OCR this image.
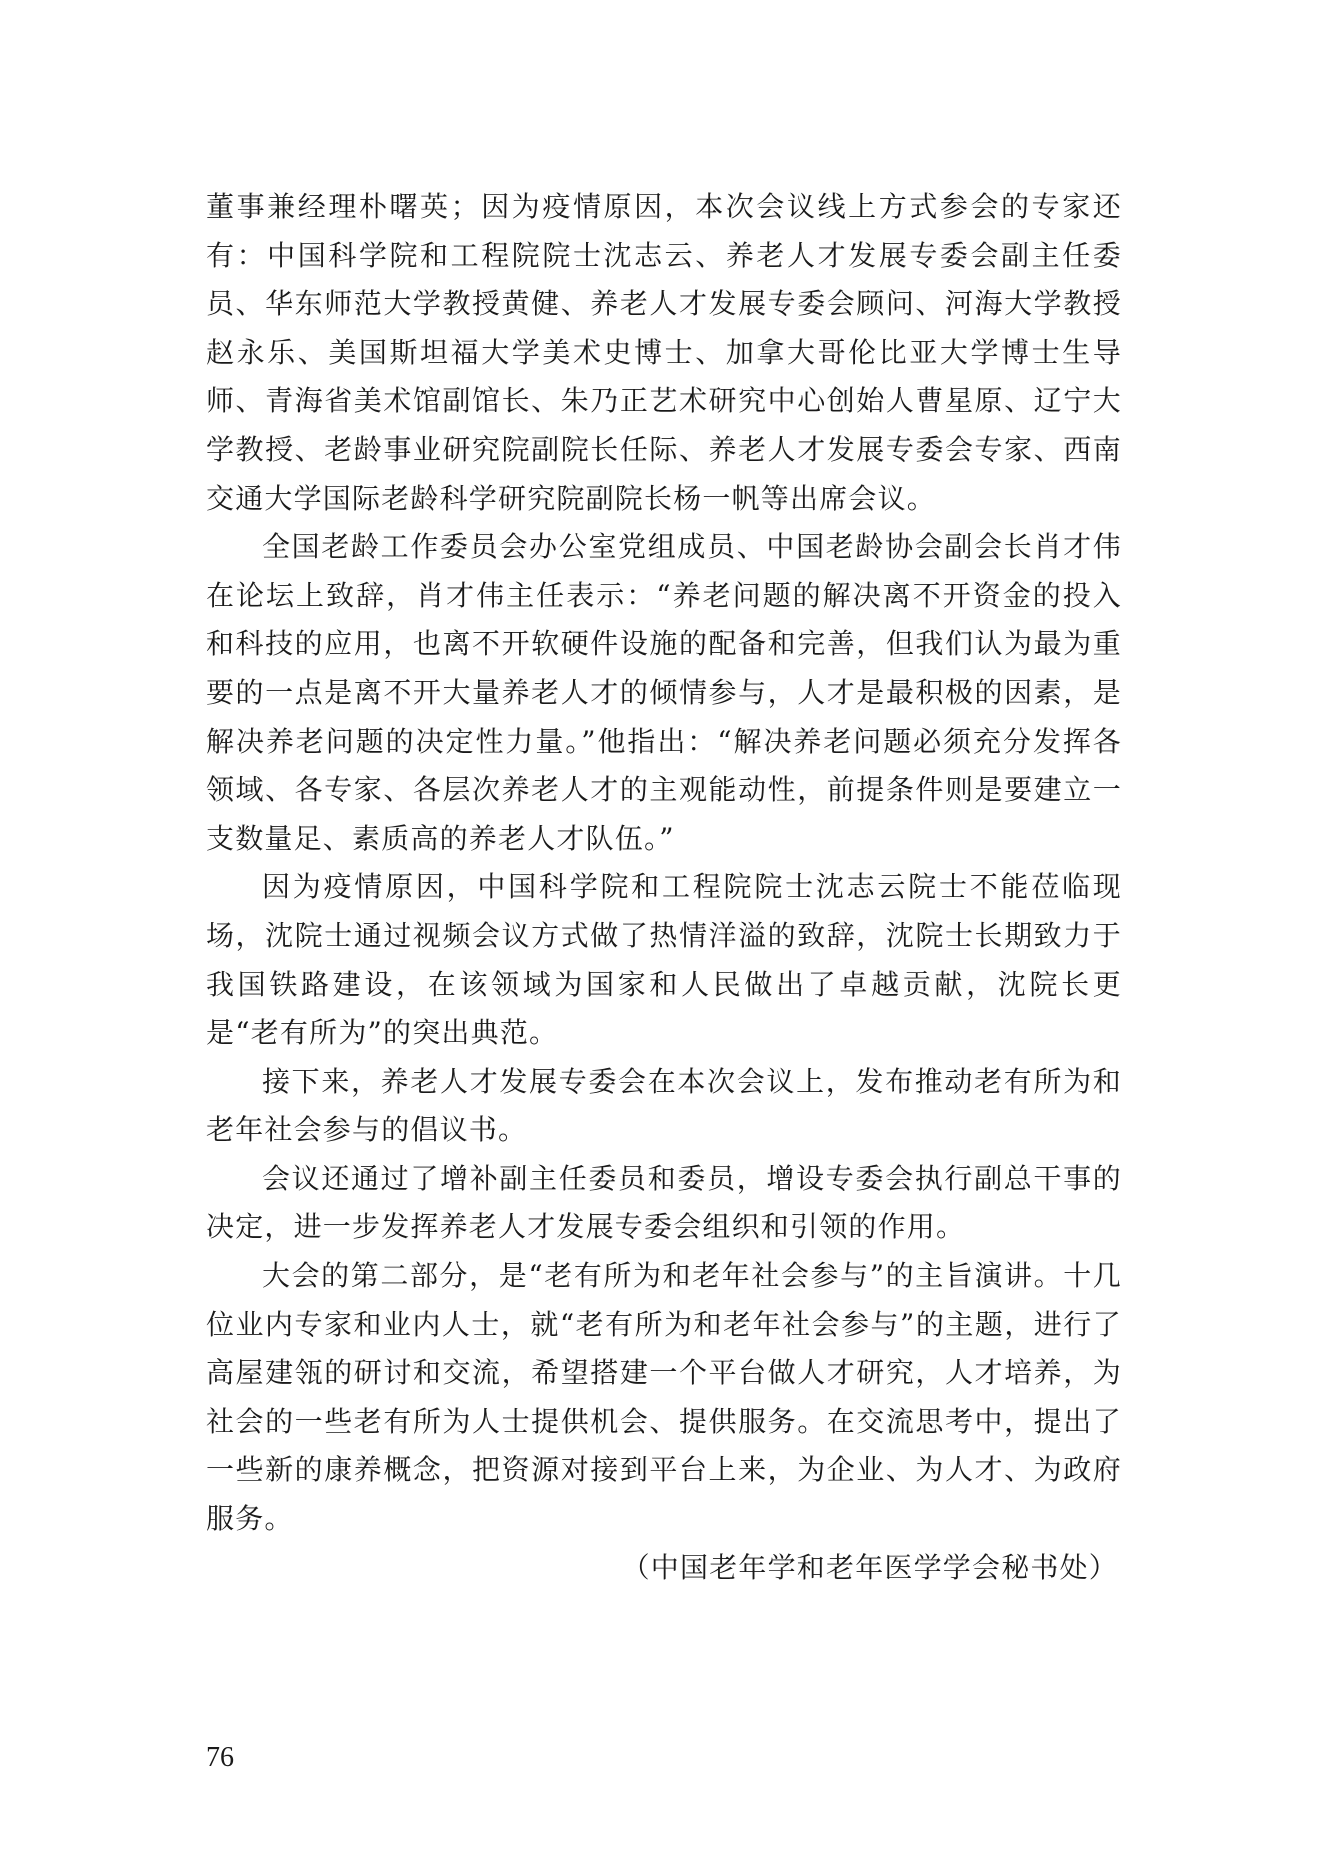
董事兼经理朴曙英；因为疫情原因，本次会议线上方式参会的专家还有：中国科学院和工程院院士沈志云、养老人才发展专委会副主任委员、华东师范大学教授黄健、养老人才发展专委会顾问、河海大学教授赵永乐、美国斯坦福大学美术史博士、加拿大哥伦比亚大学博士生导师、青海省美术馆副馆长、朱乃正艺术研究中心创始人曹星原、辽宁大学教授、老龄事业研究院副院长任际、养老人才发展专委会专家、西南交通大学国际老龄科学研究院副院长杨一帆等出席会议。

全国老龄工作委员会办公室党组成员、中国老龄协会副会长肖才伟在论坛上致辞，肖才伟主任表示：“养老问题的解决离不开资金的投入和科技的应用，也离不开软硬件设施的配备和完善，但我们认为最为重要的一点是离不开大量养老人才的倾情参与，人才是最积极的因素，是解决养老问题的决定性力量。”他指出：“解决养老问题必须充分发挥各领域、各专家、各层次养老人才的主观能动性，前提条件则是要建立一支数量足、素质高的养老人才队伍。”

因为疫情原因，中国科学院和工程院院士沈志云院士不能莅临现场，沈院士通过视频会议方式做了热情洋溢的致辞，沈院士长期致力于我国铁路建设，在该领域为国家和人民做出了卓越贡献，沈院长更是“老有所为”的突出典范。

接下来，养老人才发展专委会在本次会议上，发布推动老有所为和老年社会参与的倡议书。

会议还通过了增补副主任委员和委员，增设专委会执行副总干事的决定，进一步发挥养老人才发展专委会组织和引领的作用。

大会的第二部分，是“老有所为和老年社会参与”的主旨演讲。十几位业内专家和业内人士，就“老有所为和老年社会参与”的主题，进行了高屋建瓴的研讨和交流，希望搭建一个平台做人才研究，人才培养，为社会的一些老有所为人士提供机会、提供服务。在交流思考中，提出了一些新的康养概念，把资源对接到平台上来，为企业、为人才、为政府服务。

（中国老年学和老年医学学会秘书处）

76
